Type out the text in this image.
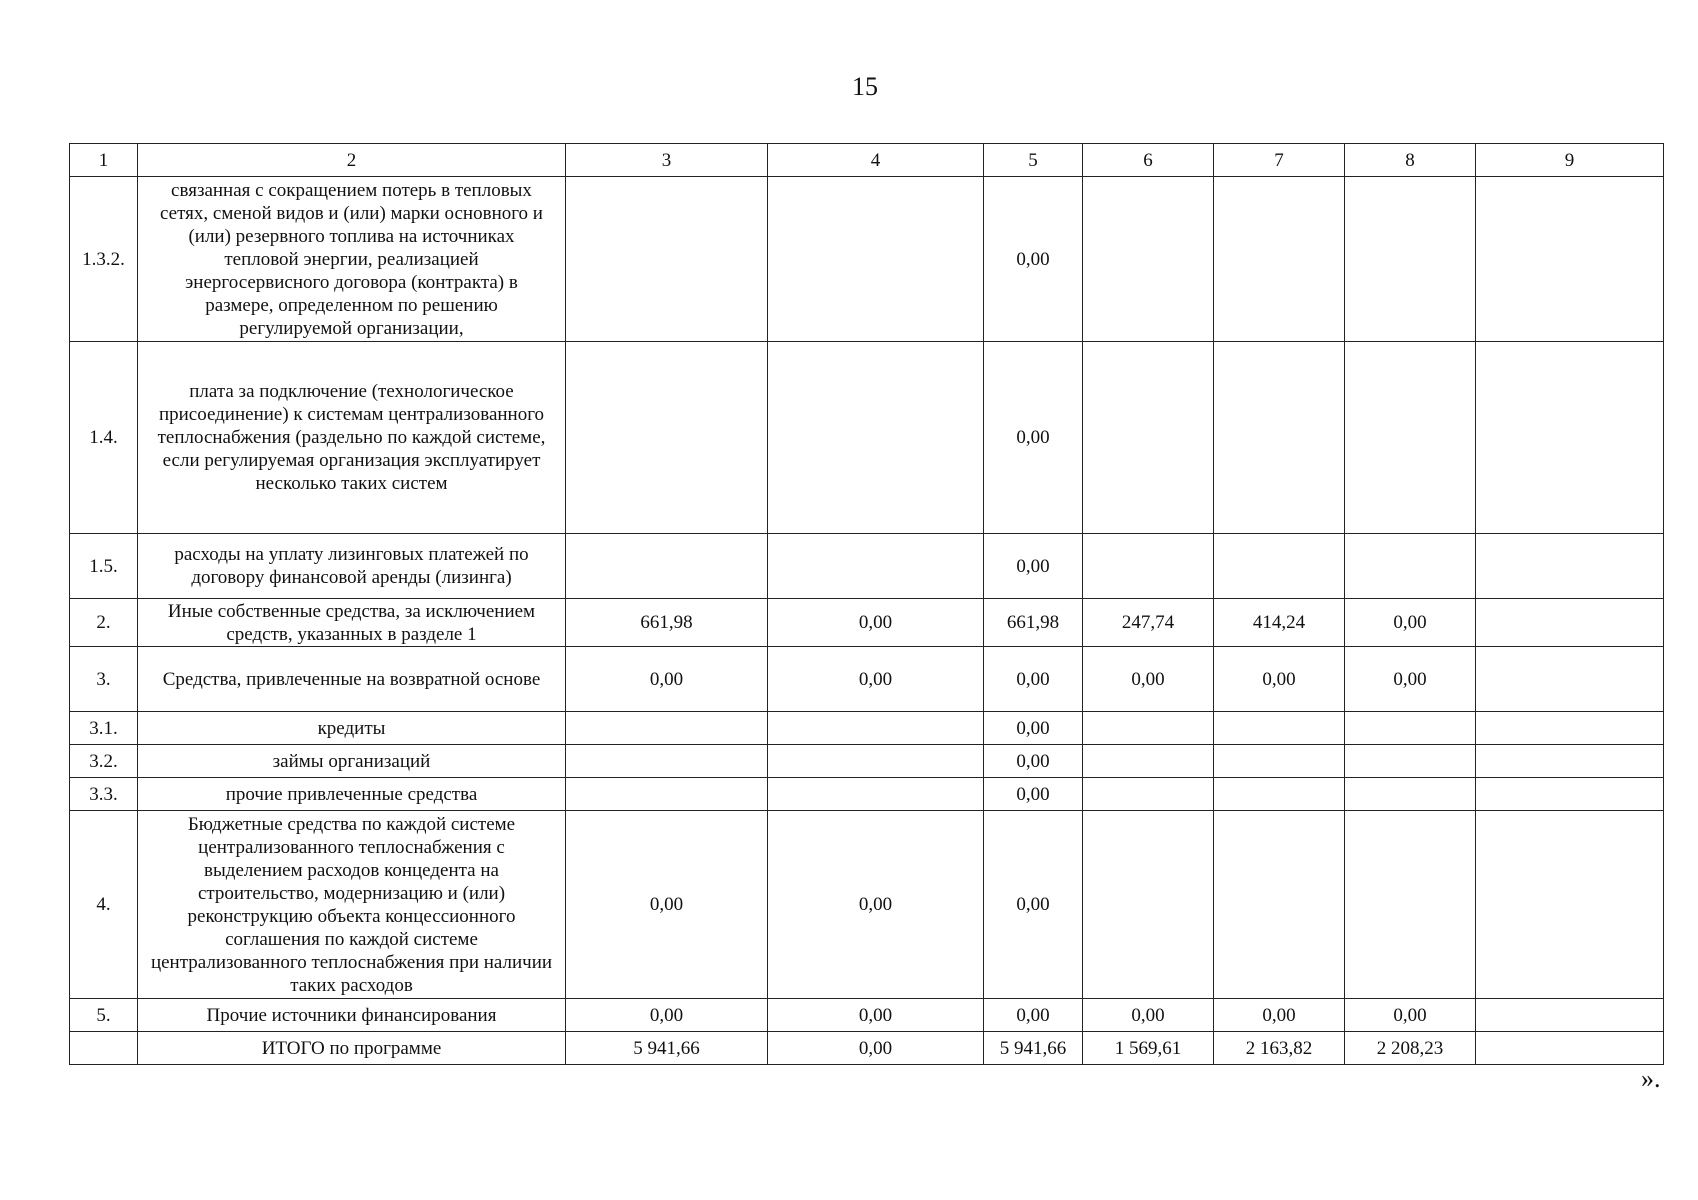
15
1	2	3	4	5	6	7	8	9
1.3.2.	связанная с сокращением потерь в тепловых сетях, сменой видов и (или) марки основного и (или) резервного топлива на источниках тепловой энергии, реализацией энергосервисного договора (контракта) в размере, определенном по решению регулируемой организации,			0,00				
1.4.	плата за подключение (технологическое присоединение) к системам централизованного теплоснабжения (раздельно по каждой системе, если регулируемая организация эксплуатирует несколько таких систем			0,00				
1.5.	расходы на уплату лизинговых платежей по договору финансовой аренды (лизинга)			0,00				
2.	Иные собственные средства, за исключением средств, указанных в разделе 1	661,98	0,00	661,98	247,74	414,24	0,00	
3.	Средства, привлеченные на возвратной основе	0,00	0,00	0,00	0,00	0,00	0,00	
3.1.	кредиты			0,00				
3.2.	займы организаций			0,00				
3.3.	прочие привлеченные средства			0,00				
4.	Бюджетные средства по каждой системе централизованного теплоснабжения с выделением расходов концедента на строительство, модернизацию и (или) реконструкцию объекта концессионного соглашения по каждой системе централизованного теплоснабжения при наличии таких расходов	0,00	0,00	0,00				
5.	Прочие источники финансирования	0,00	0,00	0,00	0,00	0,00	0,00	
	ИТОГО по программе	5 941,66	0,00	5 941,66	1 569,61	2 163,82	2 208,23	
».
